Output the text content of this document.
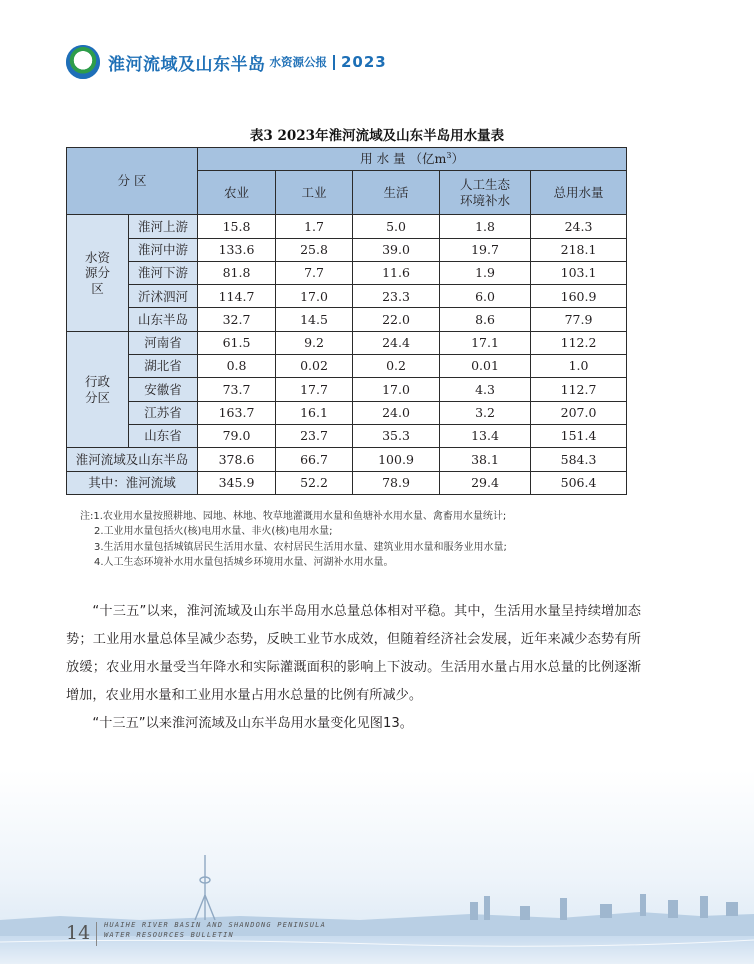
淮河流域及山东半岛 水资源公报 2023
表3 2023年淮河流域及山东半岛用水量表
分 区		用 水 量 （亿$m^3$）				
		农业	工业	生活	人工生态环境补水	总用水量
水资源分区	淮河上游	15.8	1.7	5.0	1.8	24.3
	淮河中游	133.6	25.8	39.0	19.7	218.1
	淮河下游	81.8	7.7	11.6	1.9	103.1
	沂沭泗河	114.7	17.0	23.3	6.0	160.9
	山东半岛	32.7	14.5	22.0	8.6	77.9
行政分区	河南省	61.5	9.2	24.4	17.1	112.2
	湖北省	0.8	0.02	0.2	0.01	1.0
	安徽省	73.7	17.7	17.0	4.3	112.7
	江苏省	163.7	16.1	24.0	3.2	207.0
	山东省	79.0	23.7	35.3	13.4	151.4
淮河流域及山东半岛		378.6	66.7	100.9	38.1	584.3
其中：淮河流域		345.9	52.2	78.9	29.4	506.4
注:1.农业用水量按照耕地、园地、林地、牧草地灌溉用水量和鱼塘补水用水量、禽畜用水量统计;
2.工业用水量包括火(核)电用水量、非火(核)电用水量;
3.生活用水量包括城镇居民生活用水量、农村居民生活用水量、建筑业用水量和服务业用水量;
4.人工生态环境补水用水量包括城乡环境用水量、河湖补水用水量。

“十三五”以来，淮河流域及山东半岛用水总量总体相对平稳。其中，生活用水量呈持续增加态势；工业用水量总体呈减少态势，反映工业节水成效，但随着经济社会发展，近年来减少态势有所放缓；农业用水量受当年降水和实际灌溉面积的影响上下波动。生活用水量占用水总量的比例逐渐增加，农业用水量和工业用水量占用水总量的比例有所减少。

“十三五”以来淮河流域及山东半岛用水量变化见图13。

14 HUAIHE RIVER BASIN AND SHANDONG PENINSULA
WATER RESOURCES BULLETIN
